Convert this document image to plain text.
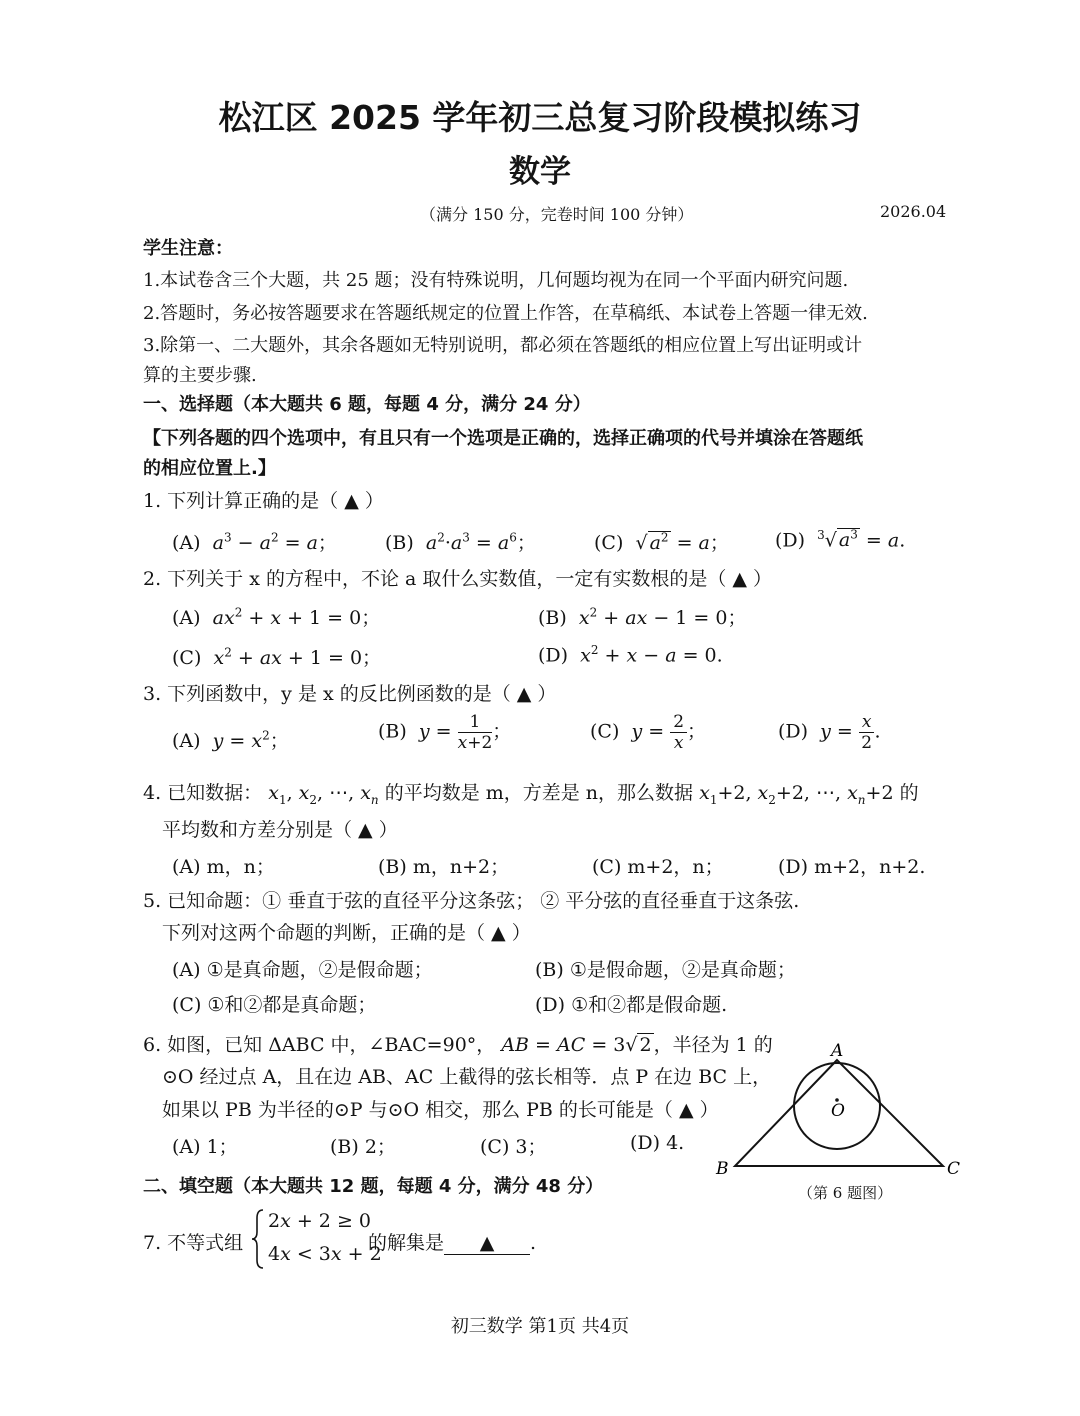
松江区 2025 学年初三总复习阶段模拟练习
数学
（满分 150 分，完卷时间 100 分钟）	2026.04
学生注意：
1.本试卷含三个大题，共 25 题；没有特殊说明，几何题均视为在同一个平面内研究问题.
2.答题时，务必按答题要求在答题纸规定的位置上作答，在草稿纸、本试卷上答题一律无效.
3.除第一、二大题外，其余各题如无特别说明，都必须在答题纸的相应位置上写出证明或计
算的主要步骤.
一、选择题（本大题共 6 题，每题 4 分，满分 24 分）
【下列各题的四个选项中，有且只有一个选项是正确的，选择正确项的代号并填涂在答题纸
的相应位置上.】
1. 下列计算正确的是（ ▲ ）
(A) $a^3 - a^2 = a$；	(B) $a^2\cdot a^3 = a^6$；	(C)  √ $a^2 = a$； (D) $^3$√ $a^3 = a$.
2. 下列关于 x 的方程中，不论 a 取什么实数值，一定有实数根的是（ ▲ ）
(A) $ax^2 + x + 1 = 0$；	(B) $x^2$ + ax − 1 = 0；
(C) $x^2$ + ax + 1 = 0；	(D) $x^2 + x - a = 0$.
3. 下列函数中，y 是 x 的反比例函数的是（ ▲ ）
(A) $y = x^2$；	(B) $y = \frac{1}{x+2}$ ；	(C) $y = \frac{2}{x}$ ；	(D) $y = \frac{x}{2}$ .
4. 已知数据： $x_1$, $x_2$, ⋯, $x_n$ 的平均数是 m，方差是 n，那么数据 $x_1+2$, $x_2+2$, ⋯, $x_n+2$ 的
平均数和方差分别是（ ▲ ）
(A) m，n；	(B) m，n+2；	(C) m+2，n；	(D) m+2，n+2.
5. 已知命题：① 垂直于弦的直径平分这条弦； ② 平分弦的直径垂直于这条弦.
下列对这两个命题的判断，正确的是（ ▲ ）
(A) ①是真命题，②是假命题；	(B) ①是假命题，②是真命题；
(C) ①和②都是真命题；	(D) ①和②都是假命题.
6. 如图，已知 ΔABC 中，∠BAC=90°， AB = AC = 3√ 2 ，半径为 1 的
⊙O 经过点 A，且在边 AB、AC 上截得的弦长相等．点 P 在边 BC 上，
如果以 PB 为半径的⊙P 与⊙O 相交，那么 PB 的长可能是（ ▲ ）
(A) 1；	(B) 2；	(C) 3；	(D) 4.
A
B	C
O
（第 6 题图）
二、填空题（本大题共 12 题，每题 4 分，满分 48 分）
7. 不等式组
2x + 2 ≥ 0
4x < 3x + 2
的解集是 ▲ .
初三数学 第1页 共4页
